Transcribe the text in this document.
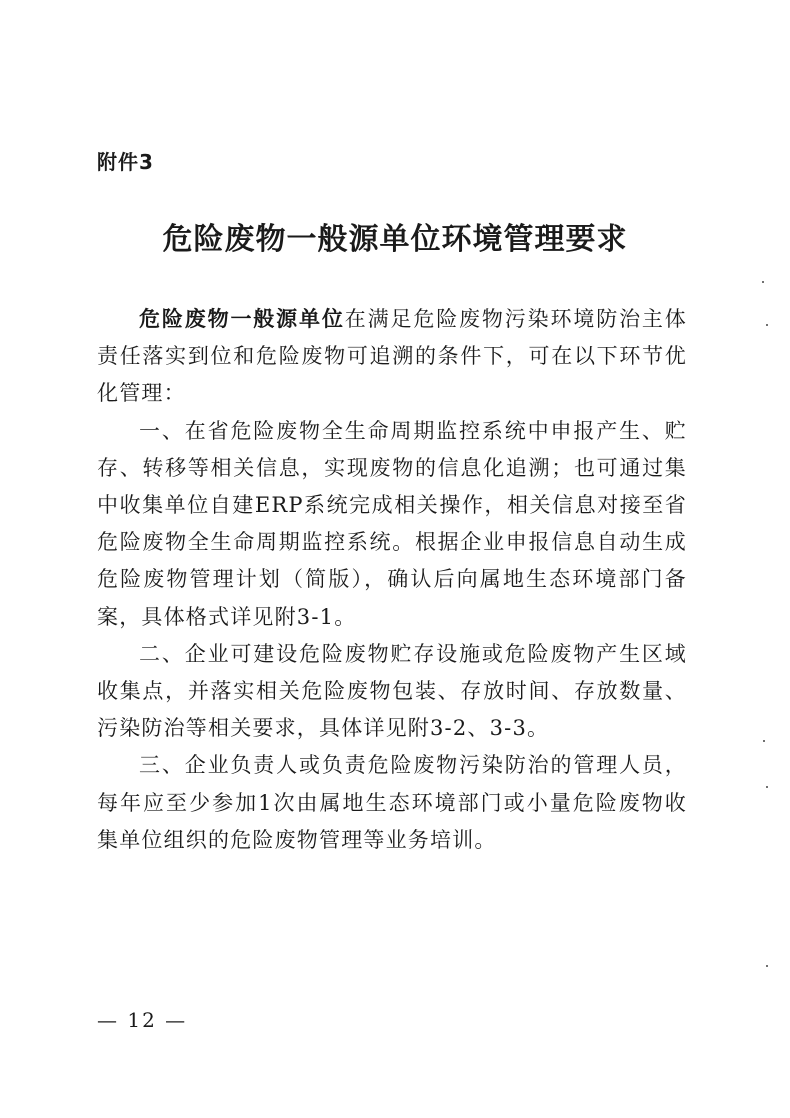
附件3
危险废物一般源单位环境管理要求

危险废物一般源单位在满足危险废物污染环境防治主体责任落实到位和危险废物可追溯的条件下，可在以下环节优化管理：

一、在省危险废物全生命周期监控系统中申报产生、贮存、转移等相关信息，实现废物的信息化追溯；也可通过集中收集单位自建ERP系统完成相关操作，相关信息对接至省危险废物全生命周期监控系统。根据企业申报信息自动生成危险废物管理计划（简版），确认后向属地生态环境部门备案，具体格式详见附3-1。

二、企业可建设危险废物贮存设施或危险废物产生区域收集点，并落实相关危险废物包装、存放时间、存放数量、污染防治等相关要求，具体详见附3-2、3-3。

三、企业负责人或负责危险废物污染防治的管理人员，每年应至少参加1次由属地生态环境部门或小量危险废物收集单位组织的危险废物管理等业务培训。

— 12 —
